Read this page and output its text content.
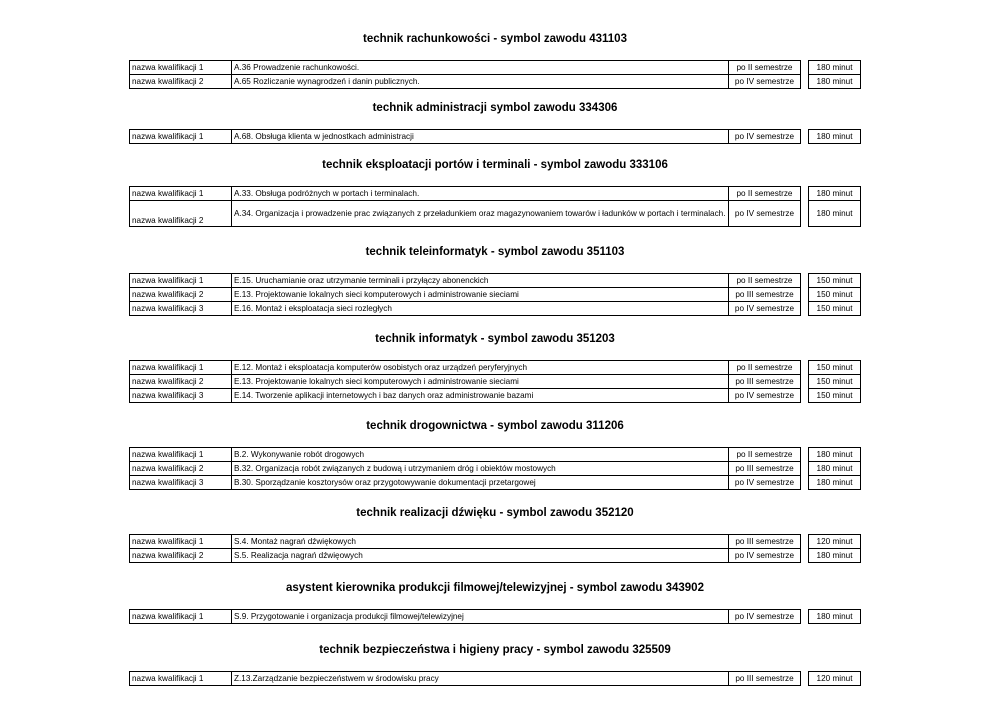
technik rachunkowości - symbol zawodu 431103
nazwa kwalifikacji 1	A.36 Prowadzenie rachunkowości.	po II semestrze		180 minut
nazwa kwalifikacji 2	A.65 Rozliczanie wynagrodzeń i danin publicznych.	po IV semestrze		180 minut
technik administracji symbol zawodu 334306
nazwa kwalifikacji 1	A.68. Obsługa klienta w jednostkach administracji	po IV semestrze		180 minut
technik eksploatacji portów i terminali - symbol zawodu 333106
nazwa kwalifikacji 1	A.33. Obsługa podróżnych w portach i terminalach.	po II semestrze		180 minut
nazwa kwalifikacji 2	A.34. Organizacja i prowadzenie prac związanych z przeładunkiem oraz magazynowaniem towarów i ładunków w portach i terminalach.	po IV semestrze		180 minut
technik teleinformatyk - symbol zawodu 351103
nazwa kwalifikacji 1	E.15. Uruchamianie oraz utrzymanie terminali i przyłączy abonenckich	po II semestrze		150 minut
nazwa kwalifikacji 2	E.13. Projektowanie lokalnych sieci komputerowych i administrowanie sieciami	po III semestrze		150 minut
nazwa kwalifikacji 3	E.16. Montaż i eksploatacja sieci rozległych	po IV semestrze		150 minut
technik informatyk - symbol zawodu 351203
nazwa kwalifikacji 1	E.12. Montaż i eksploatacja komputerów osobistych oraz urządzeń peryferyjnych	po II semestrze		150 minut
nazwa kwalifikacji 2	E.13. Projektowanie lokalnych sieci komputerowych i administrowanie sieciami	po III semestrze		150 minut
nazwa kwalifikacji 3	E.14. Tworzenie aplikacji internetowych i baz danych oraz administrowanie bazami	po IV semestrze		150 minut
technik drogownictwa - symbol zawodu 311206
nazwa kwalifikacji 1	B.2. Wykonywanie robót drogowych	po II semestrze		180 minut
nazwa kwalifikacji 2	B.32. Organizacja robót związanych z budową i utrzymaniem dróg i obiektów mostowych	po III semestrze		180 minut
nazwa kwalifikacji 3	B.30. Sporządzanie kosztorysów oraz przygotowywanie dokumentacji przetargowej	po IV semestrze		180 minut
technik realizacji dźwięku - symbol zawodu 352120
nazwa kwalifikacji 1	S.4. Montaż nagrań dźwiękowych	po III semestrze		120 minut
nazwa kwalifikacji 2	S.5. Realizacja nagrań dźwięowych	po IV semestrze		180 minut
asystent kierownika produkcji filmowej/telewizyjnej - symbol zawodu 343902
nazwa kwalifikacji 1	S.9. Przygotowanie i organizacja produkcji filmowej/telewizyjnej	po IV semestrze		180 minut
technik bezpieczeństwa i higieny pracy - symbol zawodu 325509
nazwa kwalifikacji 1	Z.13.Zarządzanie bezpieczeństwem w środowisku pracy	po III semestrze		120 minut
